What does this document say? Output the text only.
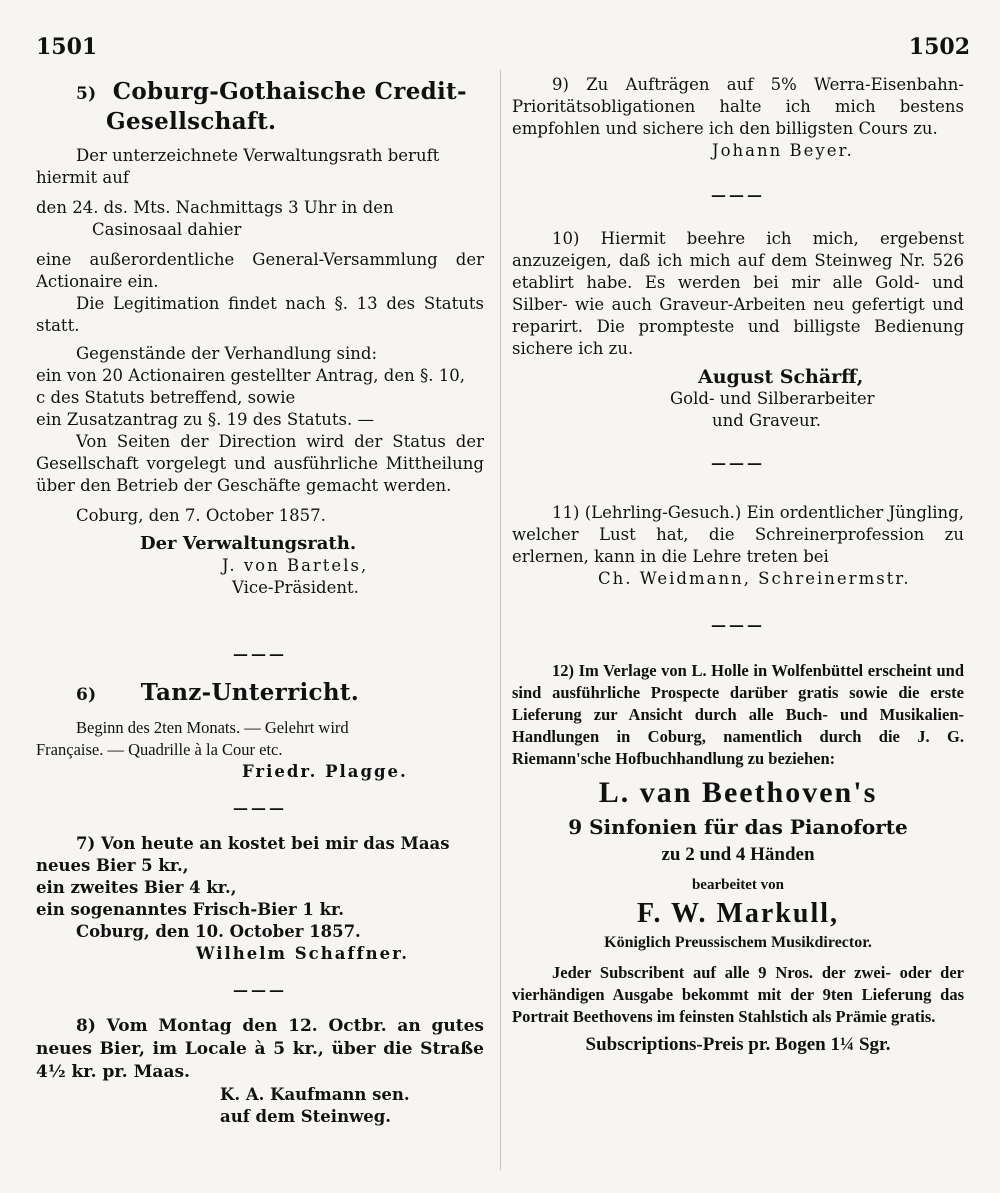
1501	1502

5) Coburg-Gothaische Credit-

Gesellschaft.

Der unterzeichnete Verwaltungsrath beruft

hiermit auf

den 24. ds. Mts. Nachmittags 3 Uhr in den

Casinosaal dahier

eine außerordentliche General-Versammlung der Actionaire ein.

Die Legitimation findet nach §. 13 des Statuts statt.

Gegenstände der Verhandlung sind:

ein von 20 Actionairen gestellter Antrag, den §. 10,

c des Statuts betreffend, sowie

ein Zusatzantrag zu §. 19 des Statuts. —

Von Seiten der Direction wird der Status der Gesellschaft vorgelegt und ausführliche Mittheilung über den Betrieb der Geschäfte gemacht werden.

Coburg, den 7. October 1857.

Der Verwaltungsrath.

J. von Bartels,

Vice-Präsident.

———

6) Tanz-Unterricht.

Beginn des 2ten Monats. — Gelehrt wird

Française. — Quadrille à la Cour etc.

Friedr. Plagge.

———

7) Von heute an kostet bei mir das Maas

neues Bier 5 kr.,

ein zweites Bier 4 kr.,

ein sogenanntes Frisch-Bier 1 kr.

Coburg, den 10. October 1857.

Wilhelm Schaffner.

———

8) Vom Montag den 12. Octbr. an gutes neues Bier, im Locale à 5 kr., über die Straße 4½ kr. pr. Maas.

K. A. Kaufmann sen.

auf dem Steinweg.

9) Zu Aufträgen auf 5% Werra-Eisenbahn-Prioritätsobligationen halte ich mich bestens empfohlen und sichere ich den billigsten Cours zu.

Johann Beyer.

———

10) Hiermit beehre ich mich, ergebenst anzuzeigen, daß ich mich auf dem Steinweg Nr. 526 etablirt habe. Es werden bei mir alle Gold- und Silber- wie auch Graveur-Arbeiten neu gefertigt und reparirt. Die prompteste und billigste Bedienung sichere ich zu.

August Schärff,

Gold- und Silberarbeiter

und Graveur.

———

11) (Lehrling-Gesuch.) Ein ordentlicher Jüngling, welcher Lust hat, die Schreinerprofession zu erlernen, kann in die Lehre treten bei

Ch. Weidmann, Schreinermstr.

———

12) Im Verlage von L. Holle in Wolfenbüttel erscheint und sind ausführliche Prospecte darüber gratis sowie die erste Lieferung zur Ansicht durch alle Buch- und Musikalien-Handlungen in Coburg, namentlich durch die J. G. Riemann'sche Hofbuchhandlung zu beziehen:

L. van Beethoven's

9 Sinfonien für das Pianoforte

zu 2 und 4 Händen

bearbeitet von

F. W. Markull,

Königlich Preussischem Musikdirector.

Jeder Subscribent auf alle 9 Nros. der zwei- oder der vierhändigen Ausgabe bekommt mit der 9ten Lieferung das Portrait Beethovens im feinsten Stahlstich als Prämie gratis.

Subscriptions-Preis pr. Bogen 1¼ Sgr.
